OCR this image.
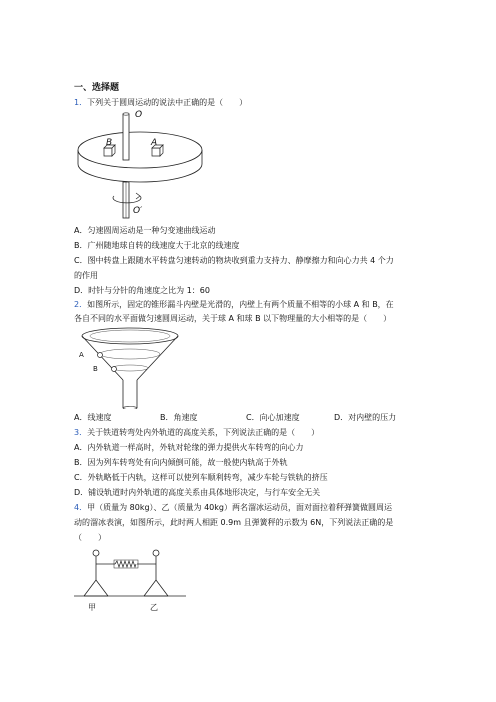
一、选择题
1．下列关于圆周运动的说法中正确的是（　　）
O
B	A
O′
A．匀速圆周运动是一种匀变速曲线运动
B．广州随地球自转的线速度大于北京的线速度
C．图中转盘上跟随水平转盘匀速转动的物块收到重力支持力、静摩擦力和向心力共 4 个力
的作用
D．时针与分针的角速度之比为 1：60
2．如图所示，固定的锥形漏斗内壁是光滑的，内壁上有两个质量不相等的小球 A 和 B，在
各自不同的水平面做匀速圆周运动，关于球 A 和球 B 以下物理量的大小相等的是（　　）
A
B
A．线速度	B．角速度	C．向心加速度	D．对内壁的压力
3．关于铁道转弯处内外轨道的高度关系，下列说法正确的是（　　）
A．内外轨道一样高时，外轨对轮缘的弹力提供火车转弯的向心力
B．因为列车转弯处有向内倾倒可能，故一般使内轨高于外轨
C．外轨略低于内轨，这样可以使列车顺利转弯，减少车轮与铁轨的挤压
D．铺设轨道时内外轨道的高度关系由具体地形决定，与行车安全无关
4．甲（质量为 80kg）、乙（质量为 40kg）两名溜冰运动员，面对面拉着秤弹簧做圆周运
动的溜冰表演，如图所示，此时两人相距 0.9m 且弹簧秤的示数为 6N，下列说法正确的是
（　　）
甲	乙
